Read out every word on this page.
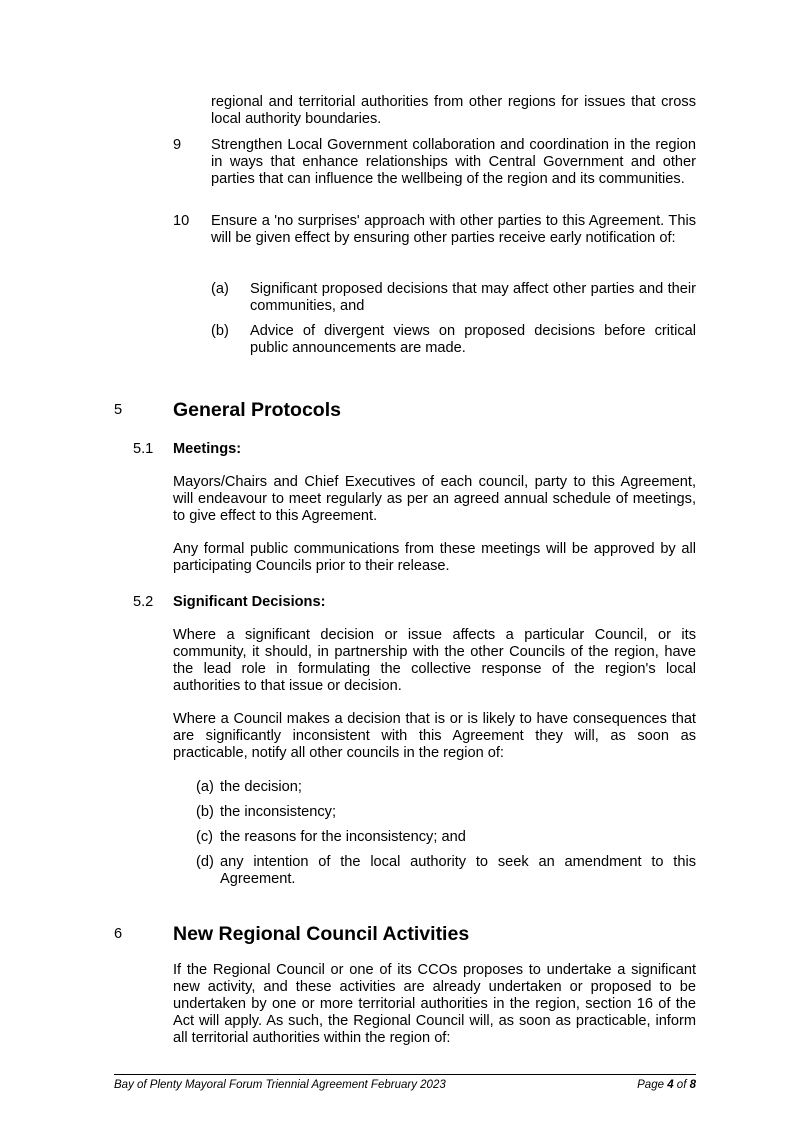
regional and territorial authorities from other regions for issues that cross local authority boundaries.

9 Strengthen Local Government collaboration and coordination in the region in ways that enhance relationships with Central Government and other parties that can influence the wellbeing of the region and its communities.

10 Ensure a 'no surprises' approach with other parties to this Agreement. This will be given effect by ensuring other parties receive early notification of:

(a) Significant proposed decisions that may affect other parties and their communities, and

(b) Advice of divergent views on proposed decisions before critical public announcements are made.

5	General Protocols
5.1 Meetings:

Mayors/Chairs and Chief Executives of each council, party to this Agreement, will endeavour to meet regularly as per an agreed annual schedule of meetings, to give effect to this Agreement.

Any formal public communications from these meetings will be approved by all participating Councils prior to their release.

5.2 Significant Decisions:

Where a significant decision or issue affects a particular Council, or its community, it should, in partnership with the other Councils of the region, have the lead role in formulating the collective response of the region's local authorities to that issue or decision.

Where a Council makes a decision that is or is likely to have consequences that are significantly inconsistent with this Agreement they will, as soon as practicable, notify all other councils in the region of:

(a) the decision;

(b) the inconsistency;

(c) the reasons for the inconsistency; and

(d) any intention of the local authority to seek an amendment to this Agreement.

6	New Regional Council Activities

If the Regional Council or one of its CCOs proposes to undertake a significant new activity, and these activities are already undertaken or proposed to be undertaken by one or more territorial authorities in the region, section 16 of the Act will apply. As such, the Regional Council will, as soon as practicable, inform all territorial authorities within the region of:

Bay of Plenty Mayoral Forum Triennial Agreement February 2023	Page 4 of 8
